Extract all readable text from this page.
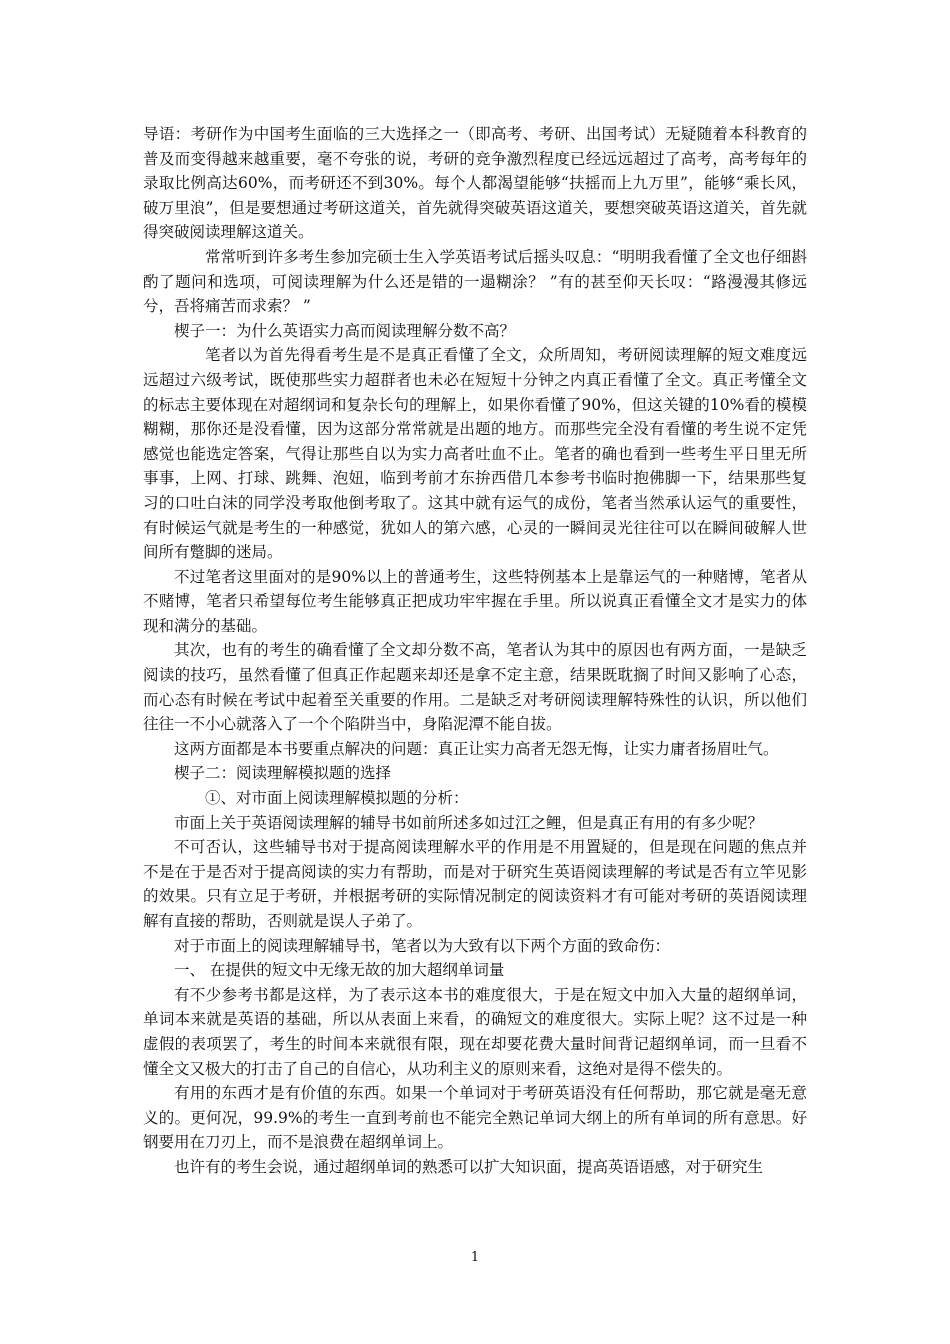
导语：考研作为中国考生面临的三大选择之一（即高考、考研、出国考试）无疑随着本科教育的普及而变得越来越重要，毫不夸张的说，考研的竞争激烈程度已经远远超过了高考，高考每年的录取比例高达60%，而考研还不到30%。每个人都渴望能够“扶摇而上九万里”，能够“乘长风，破万里浪”，但是要想通过考研这道关，首先就得突破英语这道关，要想突破英语这道关，首先就得突破阅读理解这道关。

常常听到许多考生参加完硕士生入学英语考试后摇头叹息：“明明我看懂了全文也仔细斟酌了题问和选项，可阅读理解为什么还是错的一遢糊涂？ ”有的甚至仰天长叹：“路漫漫其修远兮，吾将痛苦而求索？ ”

楔子一：为什么英语实力高而阅读理解分数不高？

笔者以为首先得看考生是不是真正看懂了全文，众所周知，考研阅读理解的短文难度远远超过六级考试，既使那些实力超群者也未必在短短十分钟之内真正看懂了全文。真正考懂全文的标志主要体现在对超纲词和复杂长句的理解上，如果你看懂了90%，但这关键的10%看的模模糊糊，那你还是没看懂，因为这部分常常就是出题的地方。而那些完全没有看懂的考生说不定凭感觉也能选定答案，气得让那些自以为实力高者吐血不止。笔者的确也看到一些考生平日里无所事事，上网、打球、跳舞、泡妞，临到考前才东拚西借几本参考书临时抱佛脚一下，结果那些复习的口吐白沫的同学没考取他倒考取了。这其中就有运气的成份，笔者当然承认运气的重要性，有时候运气就是考生的一种感觉，犹如人的第六感，心灵的一瞬间灵光往往可以在瞬间破解人世间所有蹩脚的迷局。

不过笔者这里面对的是90%以上的普通考生，这些特例基本上是靠运气的一种赌博，笔者从不赌博，笔者只希望每位考生能够真正把成功牢牢握在手里。所以说真正看懂全文才是实力的体现和满分的基础。

其次，也有的考生的确看懂了全文却分数不高，笔者认为其中的原因也有两方面，一是缺乏阅读的技巧，虽然看懂了但真正作起题来却还是拿不定主意，结果既耽搁了时间又影响了心态，而心态有时候在考试中起着至关重要的作用。二是缺乏对考研阅读理解特殊性的认识，所以他们往往一不小心就落入了一个个陷阱当中，身陷泥潭不能自拔。

这两方面都是本书要重点解决的问题：真正让实力高者无怨无悔，让实力庸者扬眉吐气。

楔子二：阅读理解模拟题的选择

①、对市面上阅读理解模拟题的分析：

市面上关于英语阅读理解的辅导书如前所述多如过江之鲤，但是真正有用的有多少呢？

不可否认，这些辅导书对于提高阅读理解水平的作用是不用置疑的，但是现在问题的焦点并不是在于是否对于提高阅读的实力有帮助，而是对于研究生英语阅读理解的考试是否有立竿见影的效果。只有立足于考研，并根据考研的实际情况制定的阅读资料才有可能对考研的英语阅读理解有直接的帮助，否则就是误人子弟了。

对于市面上的阅读理解辅导书，笔者以为大致有以下两个方面的致命伤：

一、 在提供的短文中无缘无故的加大超纲单词量

有不少参考书都是这样，为了表示这本书的难度很大，于是在短文中加入大量的超纲单词，单词本来就是英语的基础，所以从表面上来看，的确短文的难度很大。实际上呢？这不过是一种虚假的表项罢了，考生的时间本来就很有限，现在却要花费大量时间背记超纲单词，而一旦看不懂全文又极大的打击了自己的自信心，从功利主义的原则来看，这绝对是得不偿失的。

有用的东西才是有价值的东西。如果一个单词对于考研英语没有任何帮助，那它就是毫无意义的。更何况，99.9%的考生一直到考前也不能完全熟记单词大纲上的所有单词的所有意思。好钢要用在刀刃上，而不是浪费在超纲单词上。

也许有的考生会说，通过超纲单词的熟悉可以扩大知识面，提高英语语感，对于研究生

1
